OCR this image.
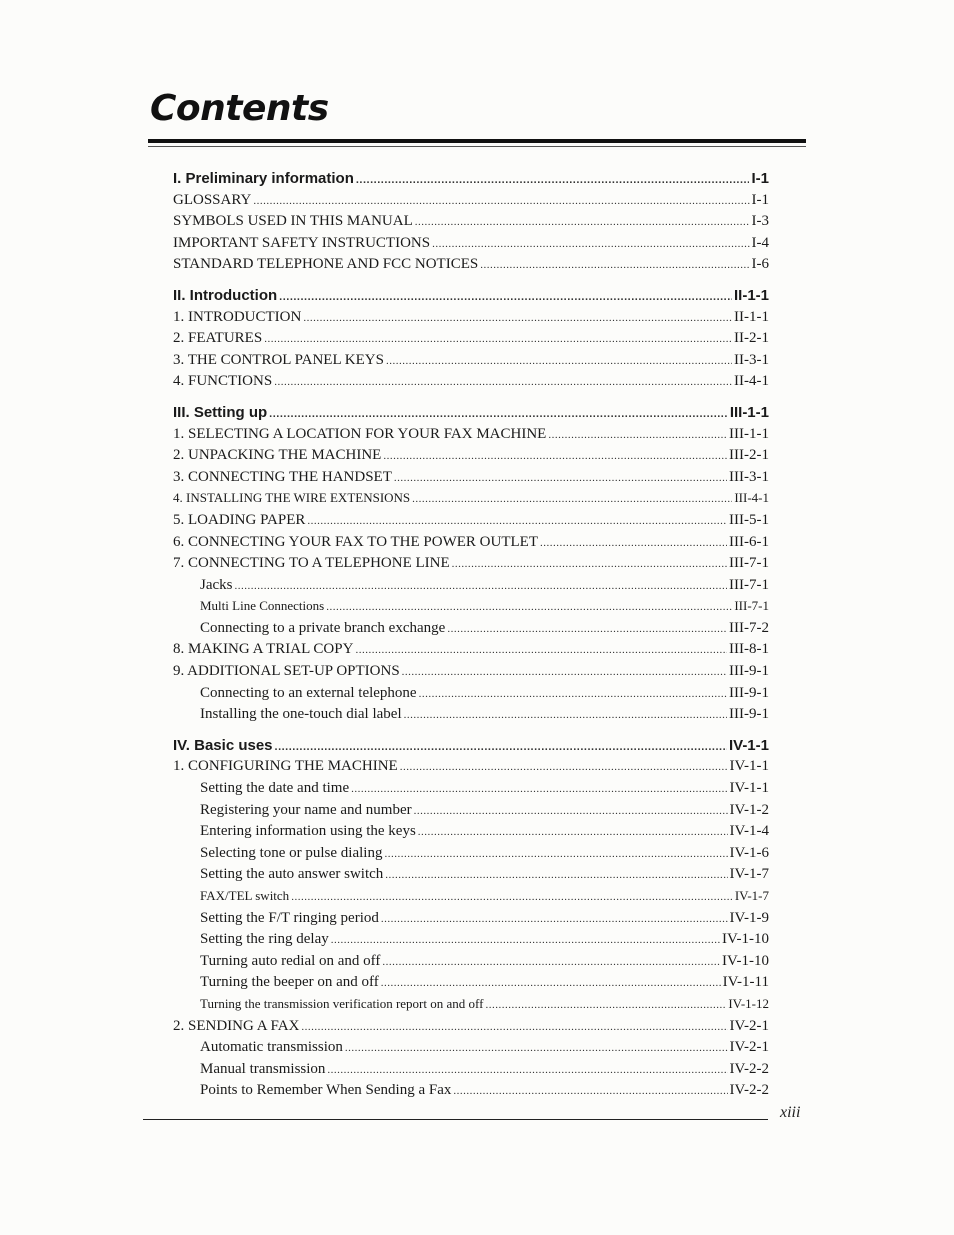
Contents
I. Preliminary information .....	I-1
GLOSSARY .....	I-1
SYMBOLS USED IN THIS MANUAL .....	I-3
IMPORTANT SAFETY INSTRUCTIONS .....	I-4
STANDARD TELEPHONE AND FCC NOTICES .....	I-6
II. Introduction .....	II-1-1
1. INTRODUCTION .....	II-1-1
2. FEATURES .....	II-2-1
3. THE CONTROL PANEL KEYS .....	II-3-1
4. FUNCTIONS .....	II-4-1
III. Setting up .....	III-1-1
1. SELECTING A LOCATION FOR YOUR FAX MACHINE .....	III-1-1
2. UNPACKING THE MACHINE .....	III-2-1
3. CONNECTING THE HANDSET .....	III-3-1
4. INSTALLING THE WIRE EXTENSIONS .....	III-4-1
5. LOADING PAPER .....	III-5-1
6. CONNECTING YOUR FAX TO THE POWER OUTLET .....	III-6-1
7. CONNECTING TO A TELEPHONE LINE .....	III-7-1
Jacks .....	III-7-1
Multi Line Connections .....	III-7-1
Connecting to a private branch exchange .....	III-7-2
8. MAKING A TRIAL COPY .....	III-8-1
9. ADDITIONAL SET-UP OPTIONS .....	III-9-1
Connecting to an external telephone .....	III-9-1
Installing the one-touch dial label .....	III-9-1
IV. Basic uses .....	IV-1-1
1. CONFIGURING THE MACHINE .....	IV-1-1
Setting the date and time .....	IV-1-1
Registering your name and number .....	IV-1-2
Entering information using the keys .....	IV-1-4
Selecting tone or pulse dialing .....	IV-1-6
Setting the auto answer switch .....	IV-1-7
FAX/TEL switch .....	IV-1-7
Setting the F/T ringing period .....	IV-1-9
Setting the ring delay .....	IV-1-10
Turning auto redial on and off .....	IV-1-10
Turning the beeper on and off .....	IV-1-11
Turning the transmission verification report on and off .....	IV-1-12
2. SENDING A FAX .....	IV-2-1
Automatic transmission .....	IV-2-1
Manual transmission .....	IV-2-2
Points to Remember When Sending a Fax .....	IV-2-2
xiii
